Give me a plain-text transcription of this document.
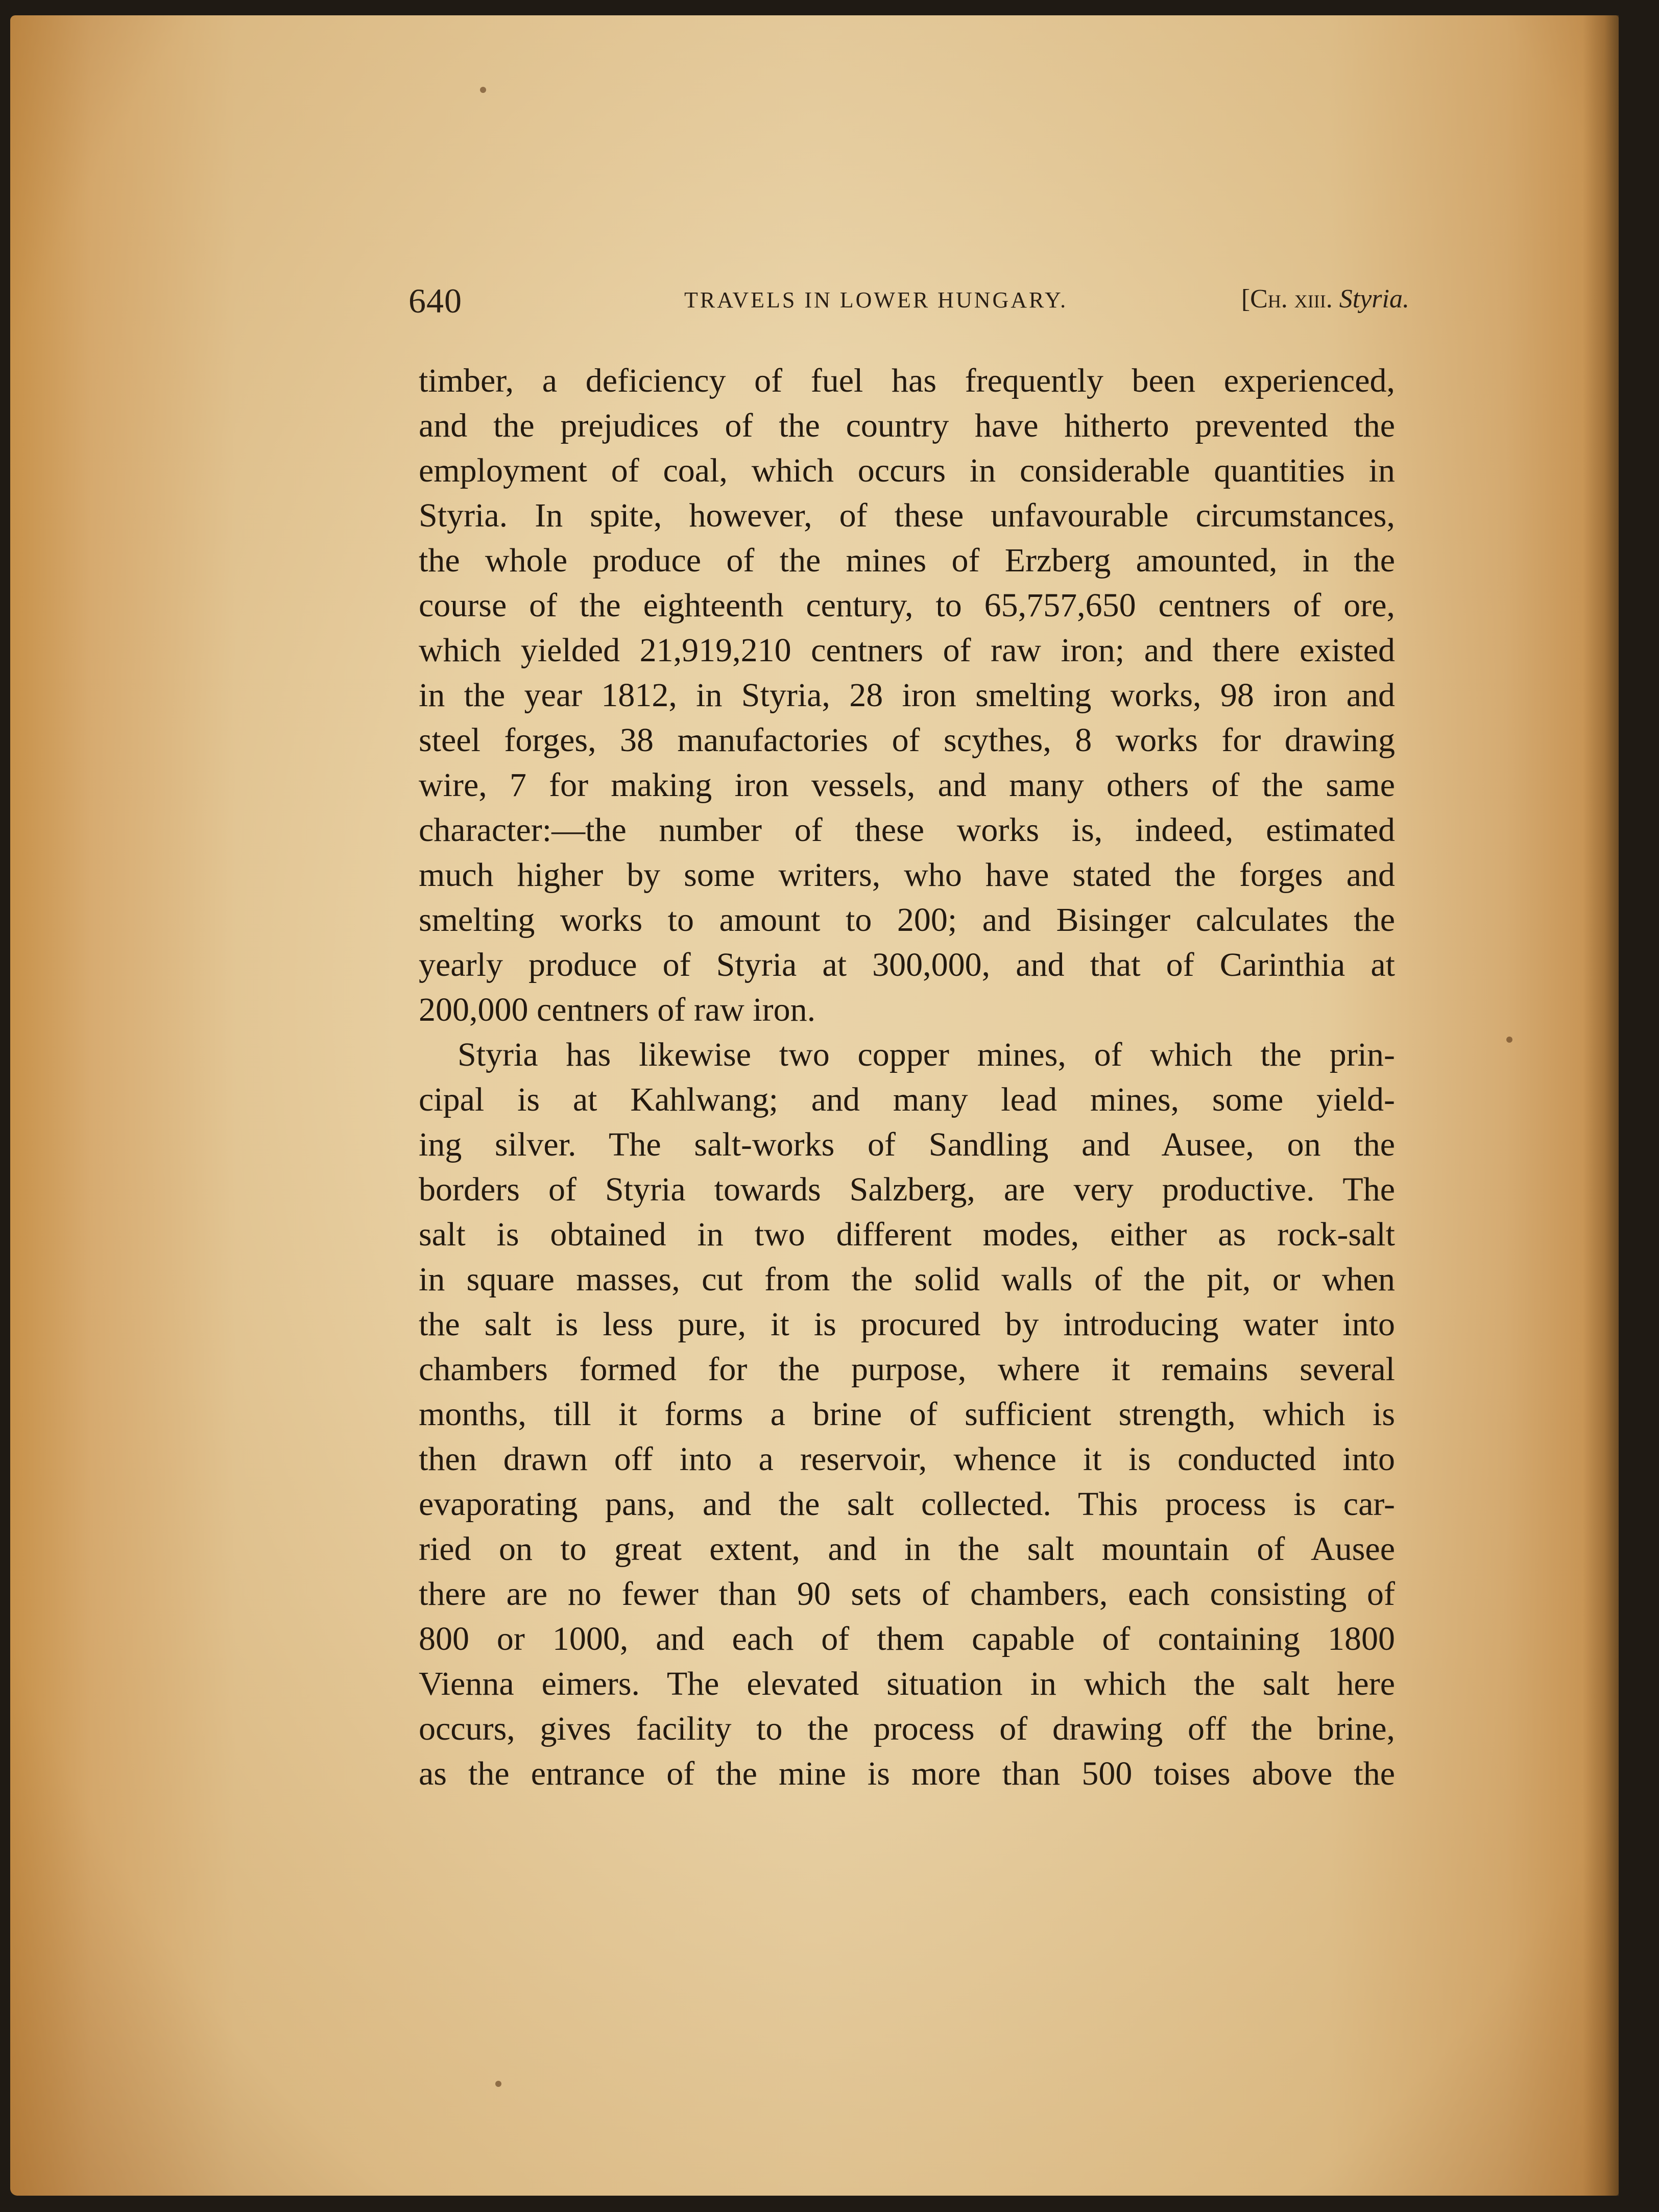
640	TRAVELS IN LOWER HUNGARY.	[Ch. xiii. Styria.
timber, a deficiency of fuel has frequently been experienced,
and the prejudices of the country have hitherto prevented the
employment of coal, which occurs in considerable quantities in
Styria. In spite, however, of these unfavourable circumstances,
the whole produce of the mines of Erzberg amounted, in the
course of the eighteenth century, to 65,757,650 centners of ore,
which yielded 21,919,210 centners of raw iron; and there existed
in the year 1812, in Styria, 28 iron smelting works, 98 iron and
steel forges, 38 manufactories of scythes, 8 works for drawing
wire, 7 for making iron vessels, and many others of the same
character:—the number of these works is, indeed, estimated
much higher by some writers, who have stated the forges and
smelting works to amount to 200; and Bisinger calculates the
yearly produce of Styria at 300,000, and that of Carinthia at
200,000 centners of raw iron.
Styria has likewise two copper mines, of which the prin-
cipal is at Kahlwang; and many lead mines, some yield-
ing silver. The salt-works of Sandling and Ausee, on the
borders of Styria towards Salzberg, are very productive. The
salt is obtained in two different modes, either as rock-salt
in square masses, cut from the solid walls of the pit, or when
the salt is less pure, it is procured by introducing water into
chambers formed for the purpose, where it remains several
months, till it forms a brine of sufficient strength, which is
then drawn off into a reservoir, whence it is conducted into
evaporating pans, and the salt collected. This process is car-
ried on to great extent, and in the salt mountain of Ausee
there are no fewer than 90 sets of chambers, each consisting of
800 or 1000, and each of them capable of containing 1800
Vienna eimers. The elevated situation in which the salt here
occurs, gives facility to the process of drawing off the brine,
as the entrance of the mine is more than 500 toises above the
